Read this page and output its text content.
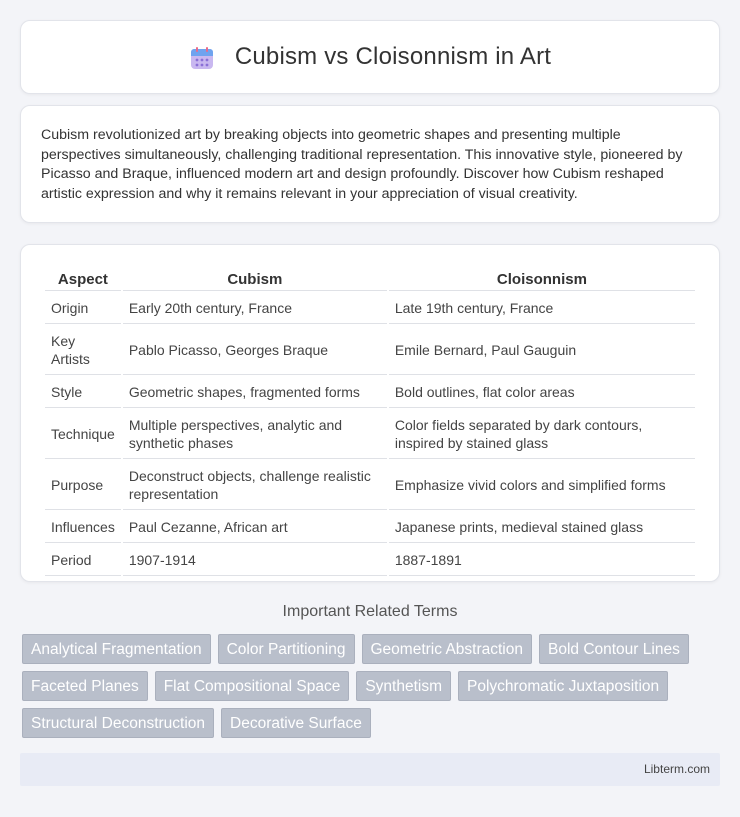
Cubism vs Cloisonnism in Art

Cubism revolutionized art by breaking objects into geometric shapes and presenting multiple perspectives simultaneously, challenging traditional representation. This innovative style, pioneered by Picasso and Braque, influenced modern art and design profoundly. Discover how Cubism reshaped artistic expression and why it remains relevant in your appreciation of visual creativity.

Aspect	Cubism	Cloisonnism
Origin	Early 20th century, France	Late 19th century, France
Key Artists	Pablo Picasso, Georges Braque	Emile Bernard, Paul Gauguin
Style	Geometric shapes, fragmented forms	Bold outlines, flat color areas
Technique	Multiple perspectives, analytic and synthetic phases	Color fields separated by dark contours, inspired by stained glass
Purpose	Deconstruct objects, challenge realistic representation	Emphasize vivid colors and simplified forms
Influences	Paul Cezanne, African art	Japanese prints, medieval stained glass
Period	1907-1914	1887-1891
Important Related Terms
Analytical Fragmentation	Color Partitioning	Geometric Abstraction	Bold Contour Lines
Faceted Planes	Flat Compositional Space	Synthetism	Polychromatic Juxtaposition
Structural Deconstruction	Decorative Surface
Libterm.com
